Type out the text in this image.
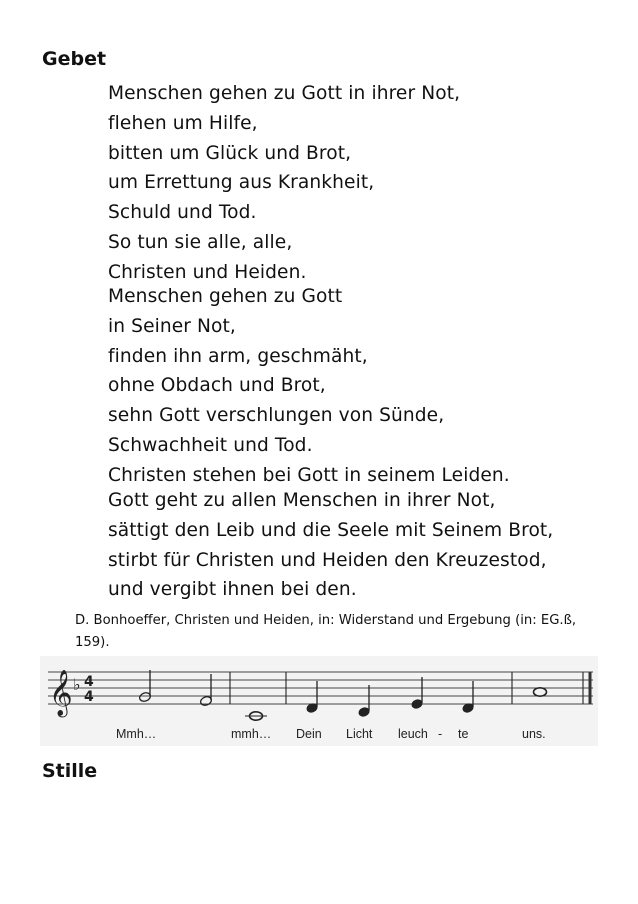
Gebet
Menschen gehen zu Gott in ihrer Not,
flehen um Hilfe,
bitten um Glück und Brot,
um Errettung aus Krankheit,
Schuld und Tod.
So tun sie alle, alle,
Christen und Heiden.
Menschen gehen zu Gott
in Seiner Not,
finden ihn arm, geschmäht,
ohne Obdach und Brot,
sehn Gott verschlungen von Sünde,
Schwachheit und Tod.
Christen stehen bei Gott in seinem Leiden.
Gott geht zu allen Menschen in ihrer Not,
sättigt den Leib und die Seele mit Seinem Brot,
stirbt für Christen und Heiden den Kreuzestod,
und vergibt ihnen bei den.

D. Bonhoeffer, Christen und Heiden, in: Widerstand und Ergebung (in: EG.ß, 159).

𝄞 ♭ 4
4
Mmh…	mmh… Dein Licht leuch - te	uns.
Stille
